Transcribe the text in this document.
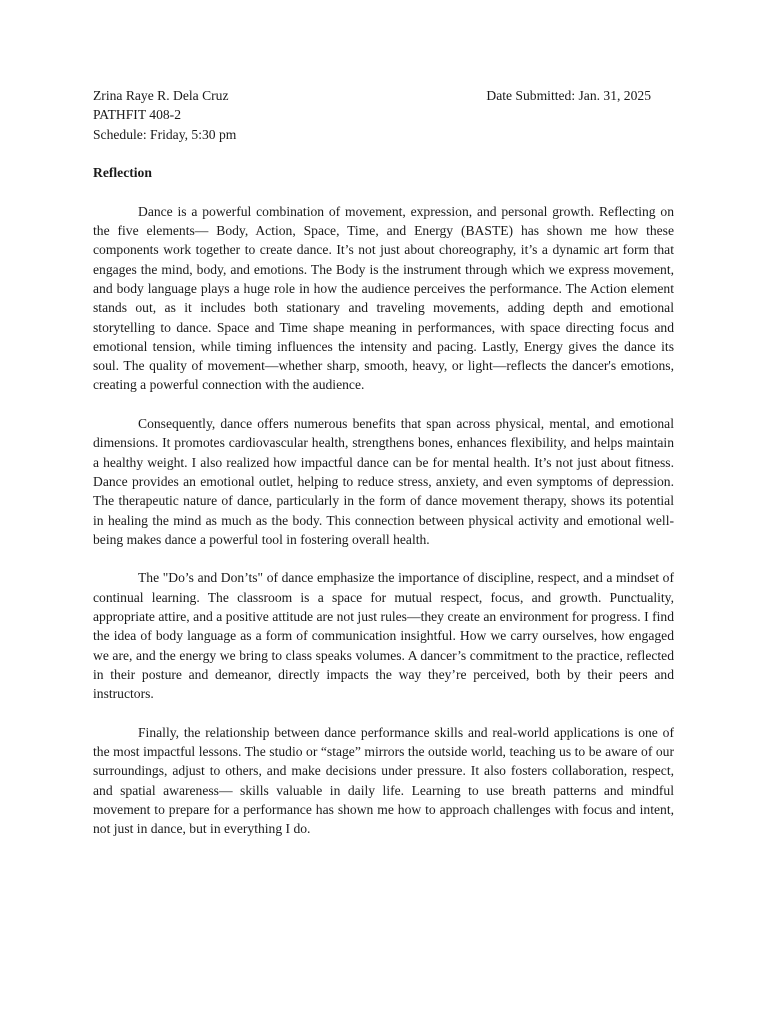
Zrina Raye R. Dela Cruz	Date Submitted: Jan. 31, 2025
PATHFIT 408-2
Schedule: Friday, 5:30 pm
Reflection

Dance is a powerful combination of movement, expression, and personal growth. Reflecting on the five elements— Body, Action, Space, Time, and Energy (BASTE) has shown me how these components work together to create dance. It’s not just about choreography, it’s a dynamic art form that engages the mind, body, and emotions. The Body is the instrument through which we express movement, and body language plays a huge role in how the audience perceives the performance. The Action element stands out, as it includes both stationary and traveling movements, adding depth and emotional storytelling to dance. Space and Time shape meaning in performances, with space directing focus and emotional tension, while timing influences the intensity and pacing. Lastly, Energy gives the dance its soul. The quality of movement—whether sharp, smooth, heavy, or light—reflects the dancer's emotions, creating a powerful connection with the audience.

Consequently, dance offers numerous benefits that span across physical, mental, and emotional dimensions. It promotes cardiovascular health, strengthens bones, enhances flexibility, and helps maintain a healthy weight. I also realized how impactful dance can be for mental health. It’s not just about fitness. Dance provides an emotional outlet, helping to reduce stress, anxiety, and even symptoms of depression. The therapeutic nature of dance, particularly in the form of dance movement therapy, shows its potential in healing the mind as much as the body. This connection between physical activity and emotional well-being makes dance a powerful tool in fostering overall health.

The "Do’s and Don’ts" of dance emphasize the importance of discipline, respect, and a mindset of continual learning. The classroom is a space for mutual respect, focus, and growth. Punctuality, appropriate attire, and a positive attitude are not just rules—they create an environment for progress. I find the idea of body language as a form of communication insightful. How we carry ourselves, how engaged we are, and the energy we bring to class speaks volumes. A dancer’s commitment to the practice, reflected in their posture and demeanor, directly impacts the way they’re perceived, both by their peers and instructors.

Finally, the relationship between dance performance skills and real-world applications is one of the most impactful lessons. The studio or “stage” mirrors the outside world, teaching us to be aware of our surroundings, adjust to others, and make decisions under pressure. It also fosters collaboration, respect, and spatial awareness— skills valuable in daily life. Learning to use breath patterns and mindful movement to prepare for a performance has shown me how to approach challenges with focus and intent, not just in dance, but in everything I do.
